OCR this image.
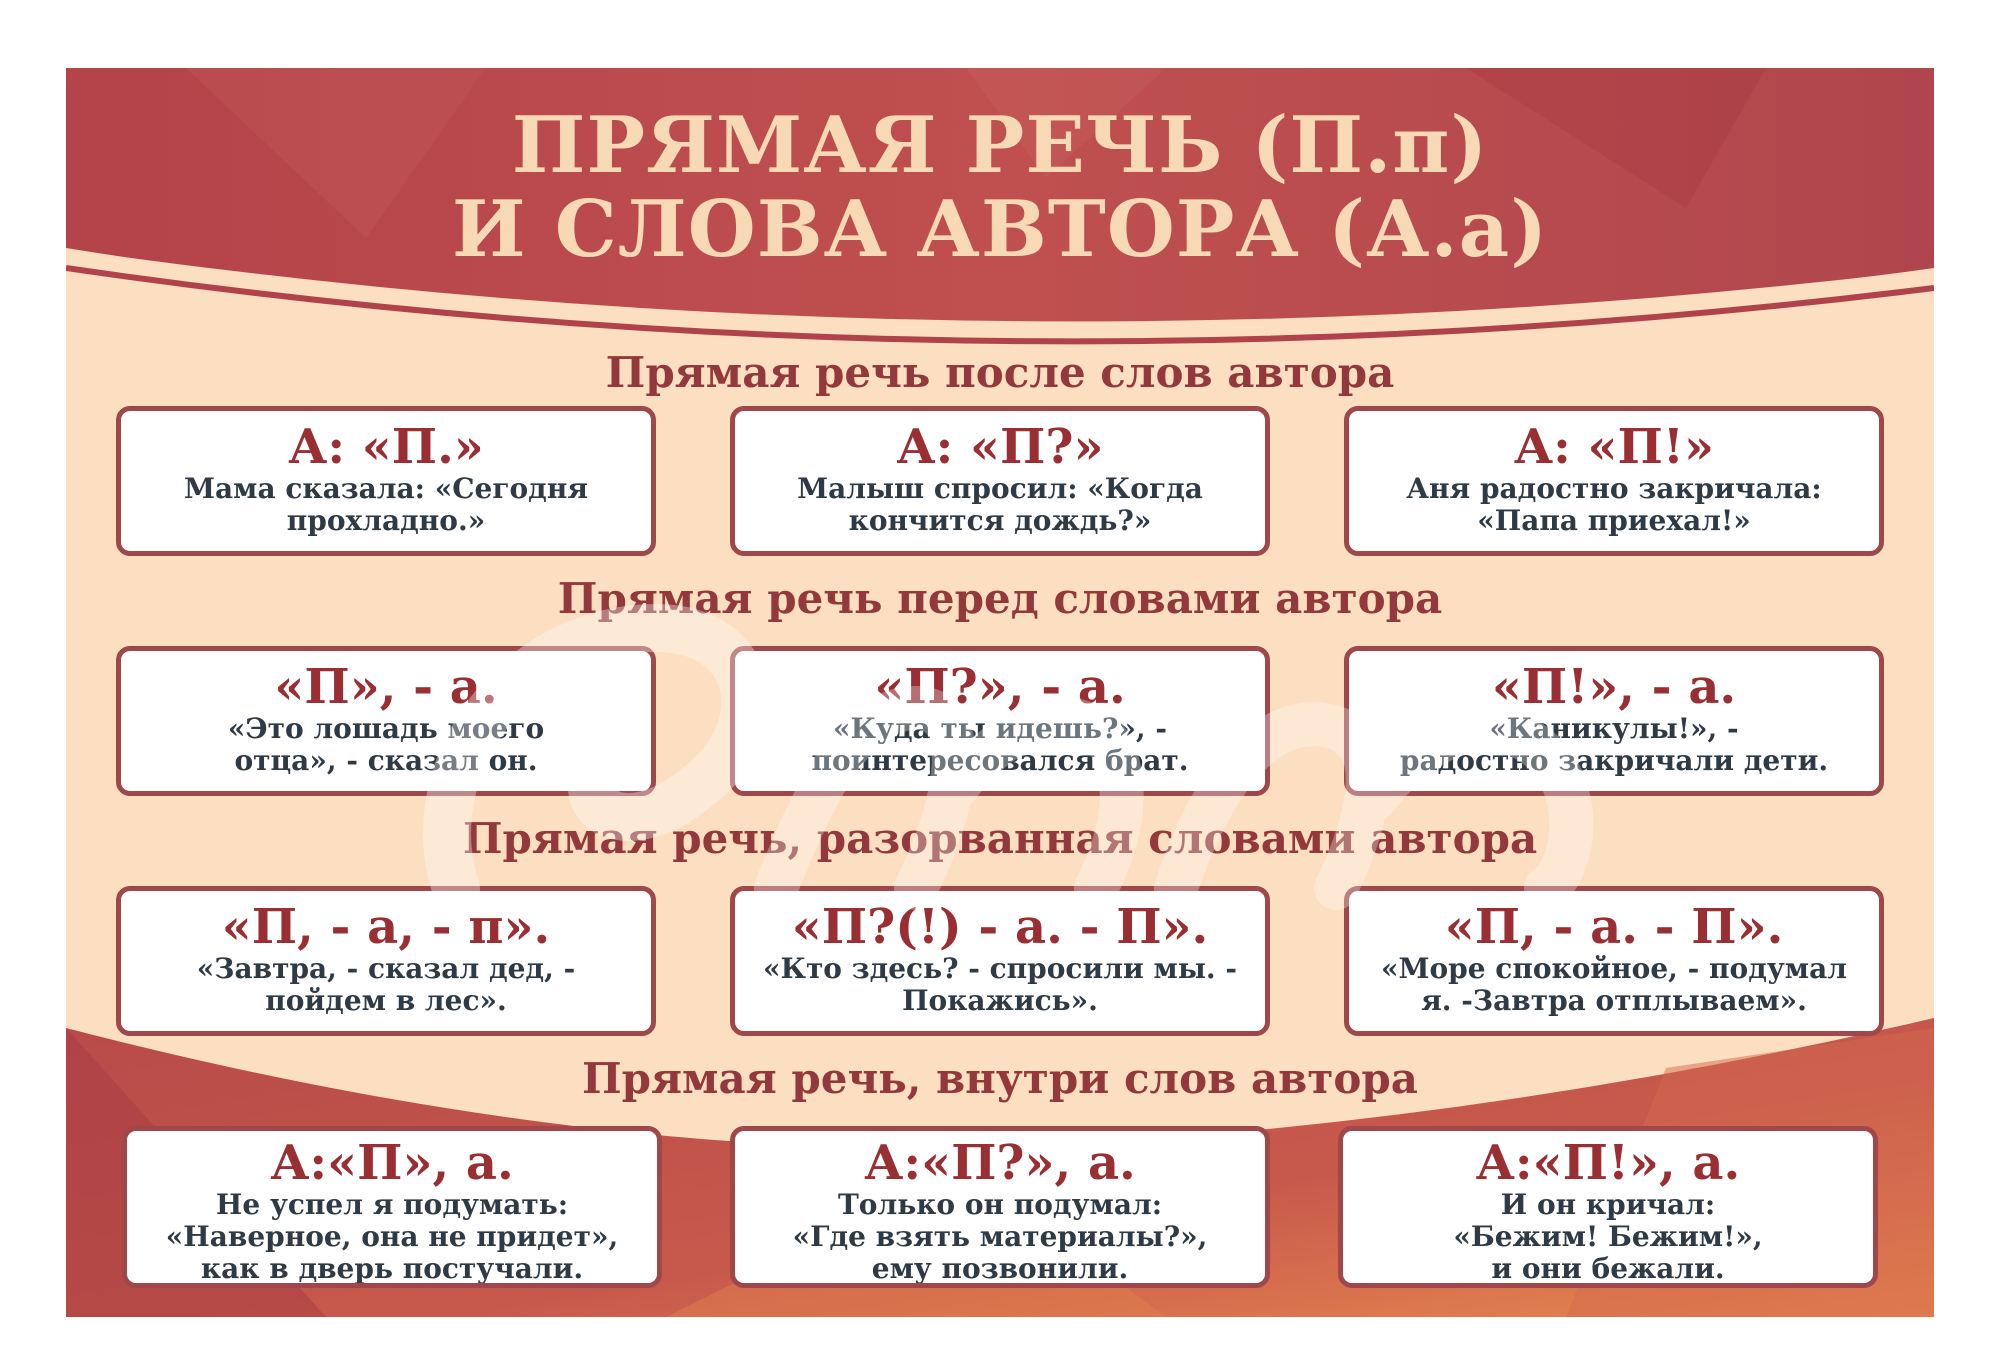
ПРЯМАЯ РЕЧЬ (П.п)
И СЛОВА АВТОРА (А.а)
Прямая речь после слов автора
А: «П.»
Мама сказала: «Сегодня
прохладно.»
А: «П?»
Малыш спросил: «Когда
кончится дождь?»
А: «П!»
Аня радостно закричала:
«Папа приехал!»
Прямая речь перед словами автора
«П», - а.
«Это лошадь моего
отца», - сказал он.
«П?», - а.
«Куда ты идешь?», -
поинтересовался брат.
«П!», - а.
«Каникулы!», -
радостно закричали дети.
Прямая речь, разорванная словами автора
«П, - а, - п».
«Завтра, - сказал дед, -
пойдем в лес».
«П?(!) - а. - П».
«Кто здесь? - спросили мы. -
Покажись».
«П, - а. - П».
«Море спокойное, - подумал
я. -Завтра отплываем».
Прямая речь, внутри слов автора
А:«П», а.
Не успел я подумать:
«Наверное, она не придет»,
как в дверь постучали.
А:«П?», а.
Только он подумал:
«Где взять материалы?»,
ему позвонили.
А:«П!», а.
И он кричал:
«Бежим! Бежим!»,
и они бежали.
